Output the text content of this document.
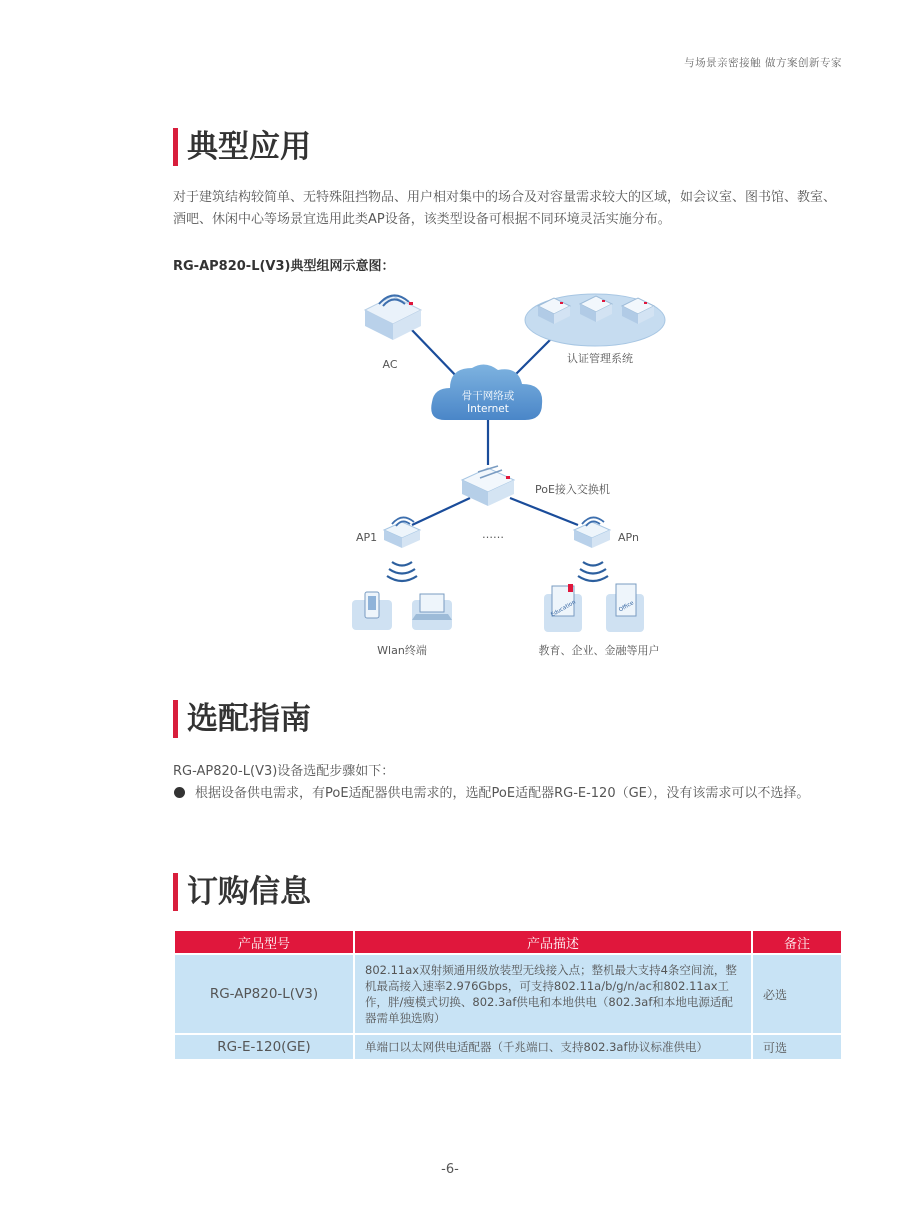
与场景亲密接触 做方案创新专家
典型应用
对于建筑结构较简单、无特殊阻挡物品、用户相对集中的场合及对容量需求较大的区域，如会议室、图书馆、教室、酒吧、休闲中心等场景宜选用此类AP设备，该类型设备可根据不同环境灵活实施分布。
RG-AP820-L(V3)典型组网示意图：
AC	认证管理系统
骨干网络或
Internet
PoE接入交换机
AP1	APn
……
Wlan终端
Education	Office
教育、企业、金融等用户
选配指南
RG-AP820-L(V3)设备选配步骤如下：
根据设备供电需求，有PoE适配器供电需求的，选配PoE适配器RG-E-120（GE），没有该需求可以不选择。
订购信息
产品型号	产品描述	备注
RG-AP820-L(V3)	802.11ax双射频通用级放装型无线接入点；整机最大支持4条空间流，整机最高接入速率2.976Gbps，可支持802.11a/b/g/n/ac和802.11ax工作，胖/瘦模式切换、802.3af供电和本地供电（802.3af和本地电源适配器需单独选购）	必选
RG-E-120(GE)	单端口以太网供电适配器（千兆端口、支持802.3af协议标准供电）	可选
-6-
